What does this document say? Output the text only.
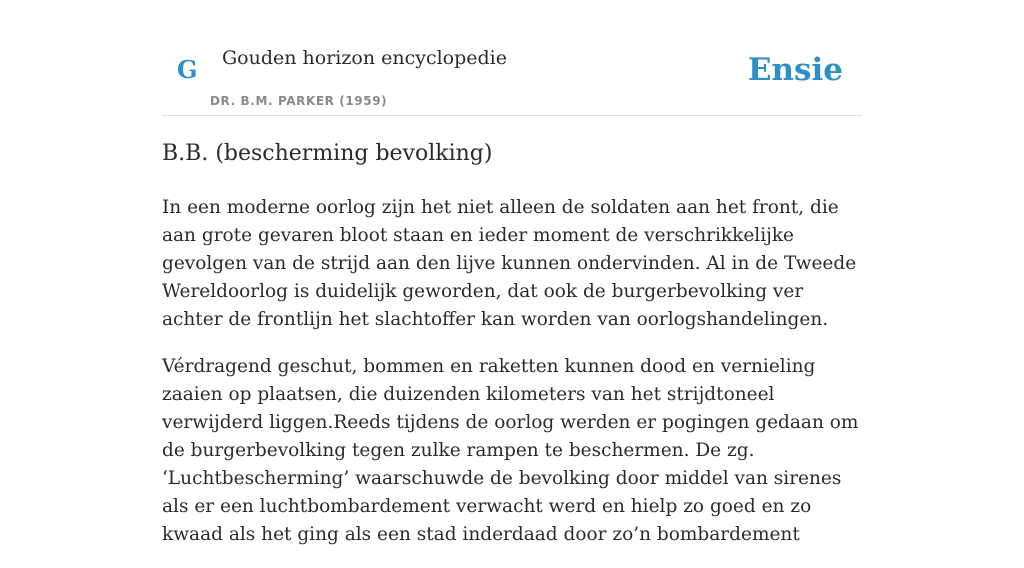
G Gouden horizon encyclopedie
DR. B.M. PARKER (1959)
Ensie
B.B. (bescherming bevolking)

In een moderne oorlog zijn het niet alleen de soldaten aan het front, die aan grote gevaren bloot staan en ieder moment de verschrikkelijke gevolgen van de strijd aan den lijve kunnen ondervinden. Al in de Tweede Wereldoorlog is duidelijk geworden, dat ook de burgerbevolking ver achter de frontlijn het slachtoffer kan worden van oorlogshandelingen.

Vérdragend geschut, bommen en raketten kunnen dood en vernieling zaaien op plaatsen, die duizenden kilometers van het strijdtoneel verwijderd liggen.Reeds tijdens de oorlog werden er pogingen gedaan om de burgerbevolking tegen zulke rampen te beschermen. De zg. ‘Luchtbescherming’ waarschuwde de bevolking door middel van sirenes als er een luchtbombardement verwacht werd en hielp zo goed en zo kwaad als het ging als een stad inderdaad door zo’n bombardement
